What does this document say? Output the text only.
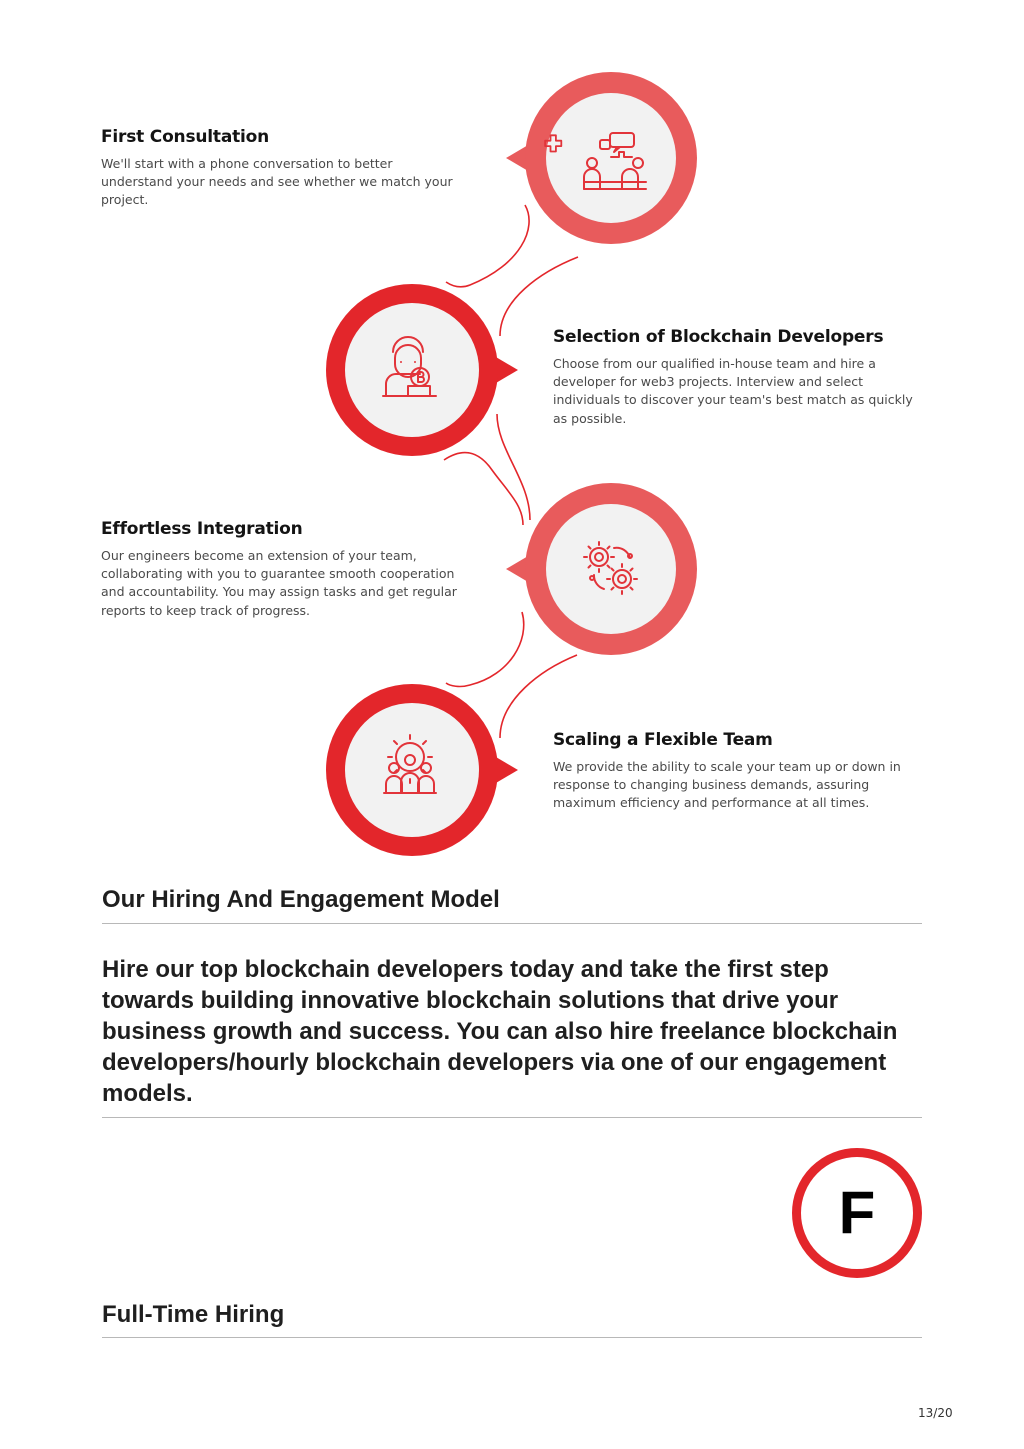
First Consultation

We'll start with a phone conversation to better understand your needs and see whether we match your project.

Selection of Blockchain Developers

Choose from our qualified in-house team and hire a developer for web3 projects. Interview and select individuals to discover your team's best match as quickly as possible.

Effortless Integration

Our engineers become an extension of your team, collaborating with you to guarantee smooth cooperation and accountability. You may assign tasks and get regular reports to keep track of progress.

Scaling a Flexible Team

We provide the ability to scale your team up or down in response to changing business demands, assuring maximum efficiency and performance at all times.

Our Hiring And Engagement Model

Hire our top blockchain developers today and take the first step towards building innovative blockchain solutions that drive your business growth and success. You can also hire freelance blockchain developers/hourly blockchain developers via one of our engagement models.

F
Full-Time Hiring
13/20
